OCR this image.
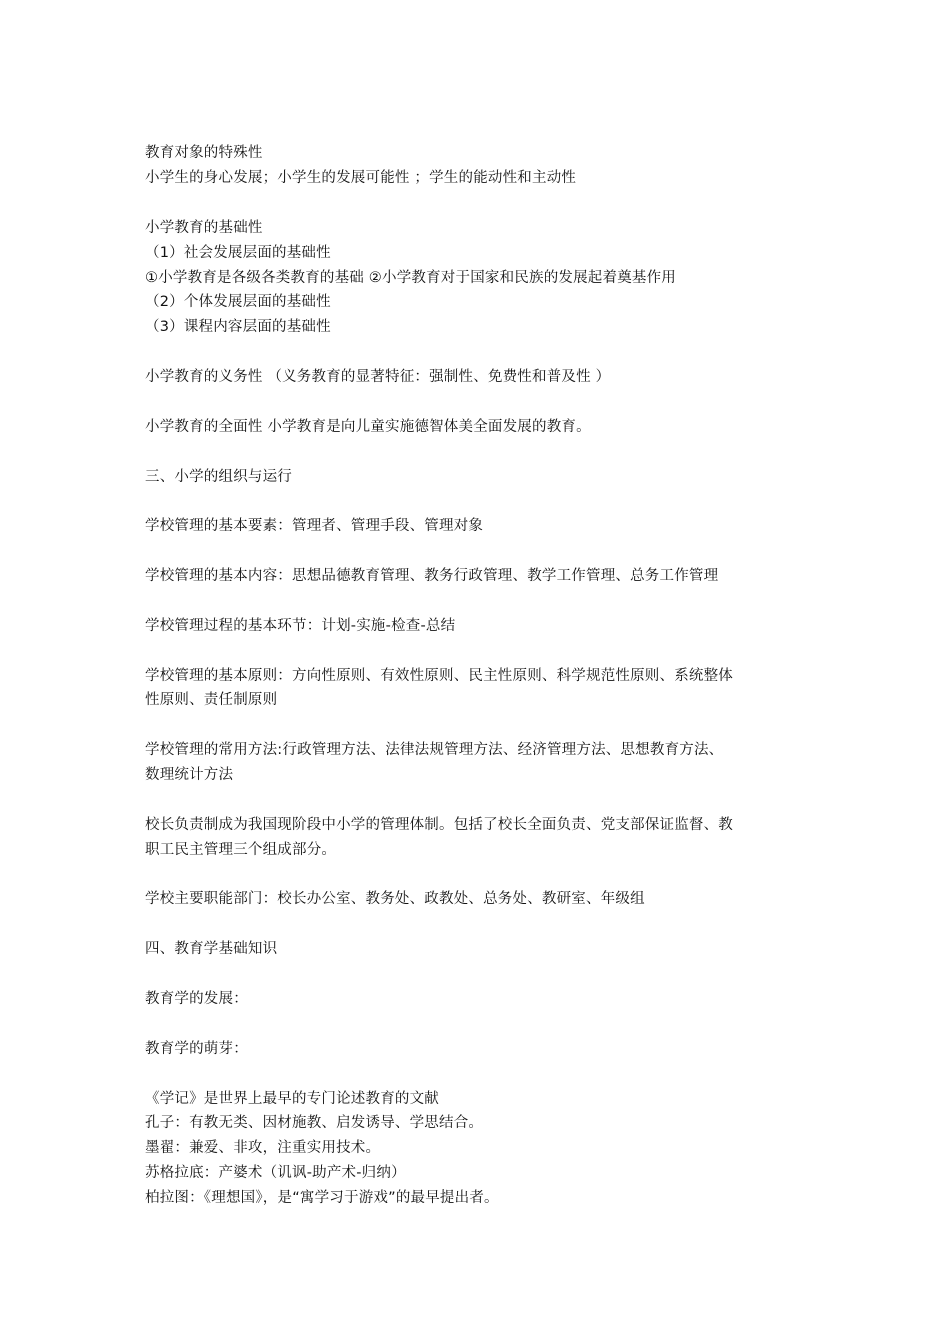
教育对象的特殊性

小学生的身心发展；小学生的发展可能性 ；学生的能动性和主动性

小学教育的基础性

（1）社会发展层面的基础性

①小学教育是各级各类教育的基础 ②小学教育对于国家和民族的发展起着奠基作用

（2）个体发展层面的基础性

（3）课程内容层面的基础性

小学教育的义务性 （义务教育的显著特征：强制性、免费性和普及性 ）

小学教育的全面性 小学教育是向儿童实施德智体美全面发展的教育。

三、小学的组织与运行

学校管理的基本要素：管理者、管理手段、管理对象

学校管理的基本内容：思想品德教育管理、教务行政管理、教学工作管理、总务工作管理

学校管理过程的基本环节：计划-实施-检查-总结

学校管理的基本原则：方向性原则、有效性原则、民主性原则、科学规范性原则、系统整体

性原则、责任制原则

学校管理的常用方法:行政管理方法、法律法规管理方法、经济管理方法、思想教育方法、

数理统计方法

校长负责制成为我国现阶段中小学的管理体制。包括了校长全面负责、党支部保证监督、教

职工民主管理三个组成部分。

学校主要职能部门：校长办公室、教务处、政教处、总务处、教研室、年级组

四、教育学基础知识

教育学的发展：

教育学的萌芽：

《学记》是世界上最早的专门论述教育的文献

孔子：有教无类、因材施教、启发诱导、学思结合。

墨翟：兼爱、非攻，注重实用技术。

苏格拉底：产婆术（讥讽-助产术-归纳）

柏拉图：《理想国》，是“寓学习于游戏”的最早提出者。
